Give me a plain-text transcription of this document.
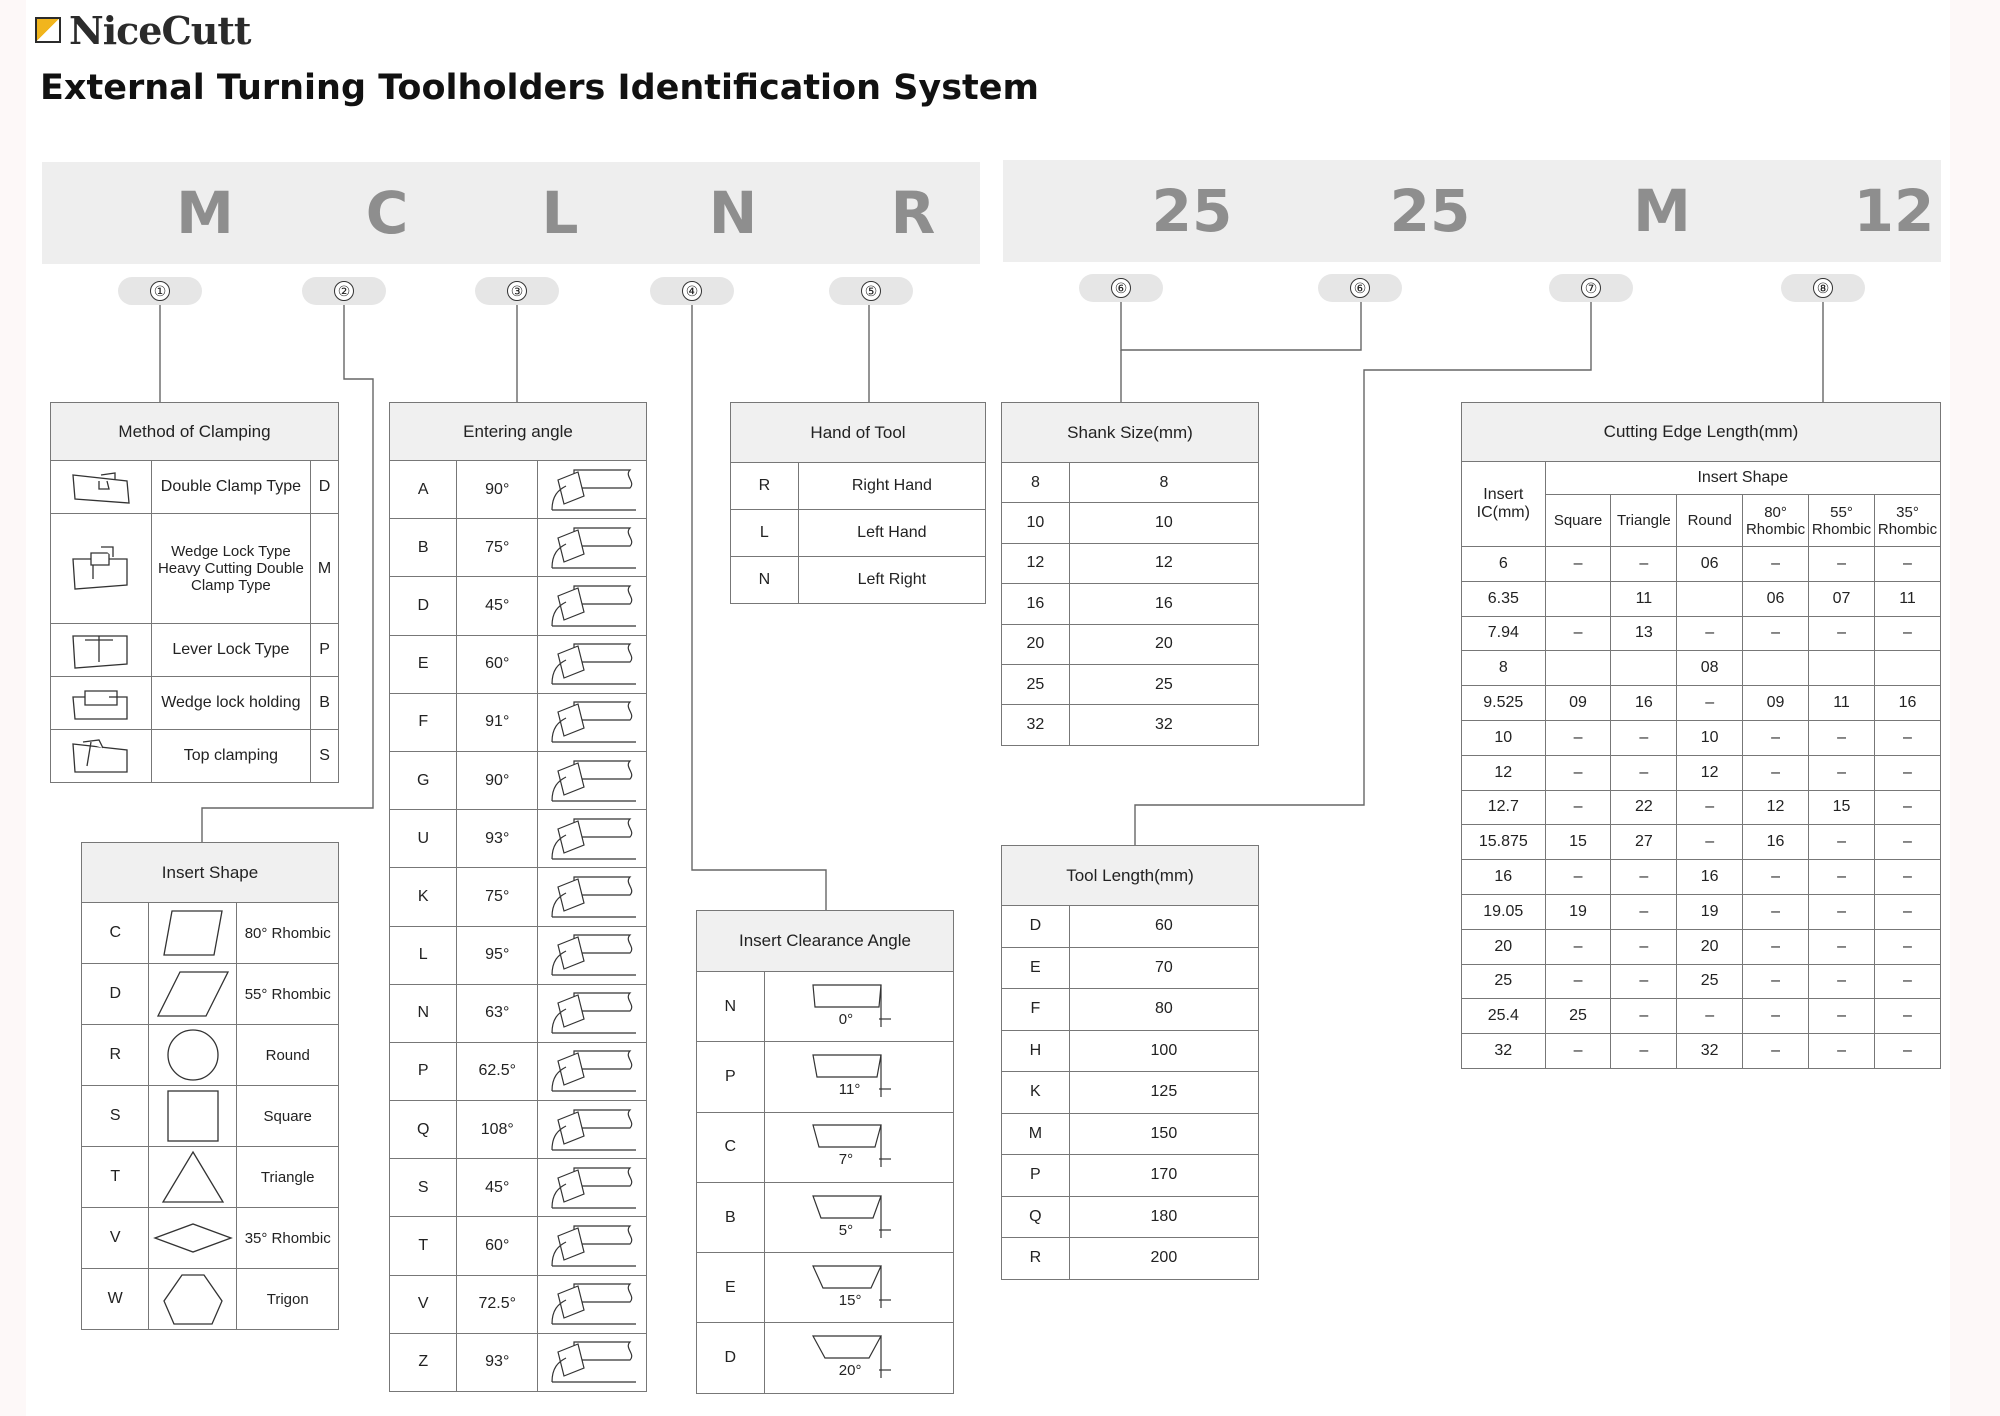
NiceCutt
External Turning Toolholders Identification System
M	C	L	N	R	25	25	M	12
①	②	③	④	⑤	⑥	⑥	⑦	⑧
Method of Clamping		

	Double Clamp Type	D

	Wedge Lock Type Heavy Cutting Double Clamp Type	M

	Lever Lock Type	P

	Wedge lock holding	B

	Top clamping	S
Insert Shape		
C		80° Rhombic
D		55° Rhombic
R		Round
S		Square
T		Triangle
V		35° Rhombic
W		Trigon
Entering angle		
A	90°	

B	75°	

D	45°	

E	60°	

F	91°	

G	90°	

U	93°	

K	75°	

L	95°	

N	63°	

P	62.5°	

Q	108°	

S	45°	

T	60°	

V	72.5°	

Z	93°	
Hand of Tool	
R	Right Hand
L	Left Hand
N	Left Right
Insert Clearance Angle	
N	0°

P	11°

C	7°

B	5°

E	15°

D	20°
Shank Size(mm)	
8	8
10	10
12	12
16	16
20	20
25	25
32	32
Tool Length(mm)	
D	60
E	70
F	80
H	100
K	125
M	150
P	170
Q	180
R	200
Cutting Edge Length(mm)						
Insert IC(mm)	Insert Shape					
	Square	Triangle	Round	80° Rhombic	55° Rhombic	35° Rhombic
6	–	–	06	–	–	–
6.35		11		06	07	11
7.94	–	13	–	–	–	–
8			08			
9.525	09	16	–	09	11	16
10	–	–	10	–	–	–
12	–	–	12	–	–	–
12.7	–	22	–	12	15	–
15.875	15	27	–	16	–	–
16	–	–	16	–	–	–
19.05	19	–	19	–	–	–
20	–	–	20	–	–	–
25	–	–	25	–	–	–
25.4	25	–	–	–	–	–
32	–	–	32	–	–	–
